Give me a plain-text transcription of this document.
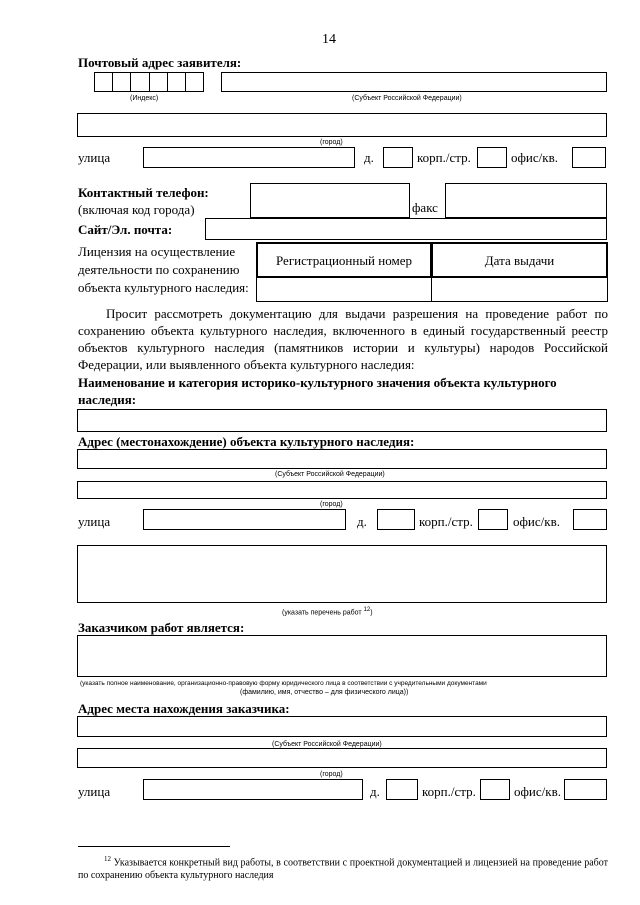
14
Почтовый адрес заявителя:
(Индекс)	(Субъект Российской Федерации)
(город)
улица	д.	корп./стр.	офис/кв.
Контактный телефон:
(включая код города)	факс
Сайт/Эл. почта:
Лицензия на осуществление
деятельности по сохранению
объекта культурного наследия:
Регистрационный номер	Дата выдачи
Просит рассмотреть документацию для выдачи разрешения на проведение работ по сохранению объекта культурного наследия, включенного в единый государственный реестр объектов культурного наследия (памятников истории и культуры) народов Российской Федерации, или выявленного объекта культурного наследия:
Наименование и категория историко-культурного значения объекта культурного наследия:
Адрес (местонахождение) объекта культурного наследия:
(Субъект Российской Федерации)
(город)
улица	д.	корп./стр.	офис/кв.
(указать перечень работ $^{12}$)
Заказчиком работ является:
(указать полное наименование, организационно-правовую форму юридического лица в соответствии с учредительными документами
(фамилию, имя, отчество – для физического лица))
Адрес места нахождения заказчика:
(Субъект Российской Федерации)
(город)
улица	д.	корп./стр.	офис/кв.
$^{12}$ Указывается конкретный вид работы, в соответствии с проектной документацией и лицензией на проведение работ по сохранению объекта культурного наследия
